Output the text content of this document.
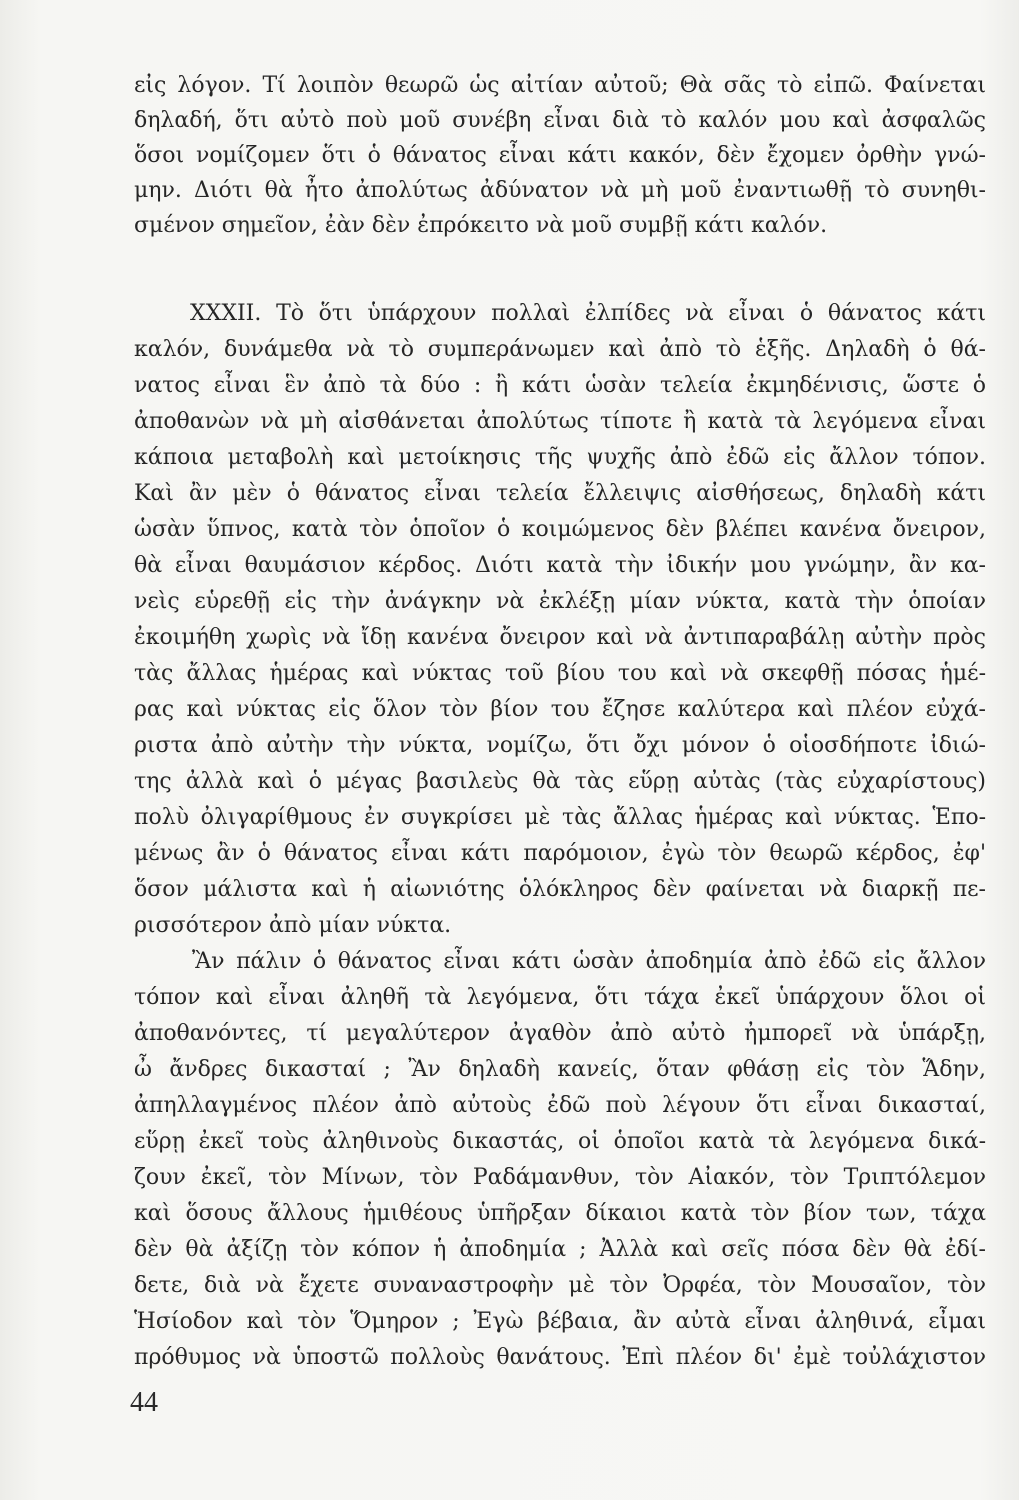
εἰς λόγον. Τί λοιπὸν θεωρῶ ὡς αἰτίαν αὐτοῦ; Θὰ σᾶς τὸ εἰπῶ. Φαίνεται
δηλαδή, ὅτι αὐτὸ ποὺ μοῦ συνέβη εἶναι διὰ τὸ καλόν μου καὶ ἀσφαλῶς
ὅσοι νομίζομεν ὅτι ὁ θάνατος εἶναι κάτι κακόν, δὲν ἔχομεν ὀρθὴν γνώ-
μην. Διότι θὰ ἦτο ἀπολύτως ἀδύνατον νὰ μὴ μοῦ ἐναντιωθῇ τὸ συνηθι-
σμένον σημεῖον, ἐὰν δὲν ἐπρόκειτο νὰ μοῦ συμβῇ κάτι καλόν.
XXXII. Τὸ ὅτι ὑπάρχουν πολλαὶ ἐλπίδες νὰ εἶναι ὁ θάνατος κάτι
καλόν, δυνάμεθα νὰ τὸ συμπεράνωμεν καὶ ἀπὸ τὸ ἑξῆς. Δηλαδὴ ὁ θά-
νατος εἶναι ἓν ἀπὸ τὰ δύο : ἢ κάτι ὡσὰν τελεία ἐκμηδένισις, ὥστε ὁ
ἀποθανὼν νὰ μὴ αἰσθάνεται ἀπολύτως τίποτε ἢ κατὰ τὰ λεγόμενα εἶναι
κάποια μεταβολὴ καὶ μετοίκησις τῆς ψυχῆς ἀπὸ ἐδῶ εἰς ἄλλον τόπον.
Καὶ ἂν μὲν ὁ θάνατος εἶναι τελεία ἔλλειψις αἰσθήσεως, δηλαδὴ κάτι
ὡσὰν ὕπνος, κατὰ τὸν ὁποῖον ὁ κοιμώμενος δὲν βλέπει κανένα ὄνειρον,
θὰ εἶναι θαυμάσιον κέρδος. Διότι κατὰ τὴν ἰδικήν μου γνώμην, ἂν κα-
νεὶς εὑρεθῇ εἰς τὴν ἀνάγκην νὰ ἐκλέξῃ μίαν νύκτα, κατὰ τὴν ὁποίαν
ἐκοιμήθη χωρὶς νὰ ἴδῃ κανένα ὄνειρον καὶ νὰ ἀντιπαραβάλῃ αὐτὴν πρὸς
τὰς ἄλλας ἡμέρας καὶ νύκτας τοῦ βίου του καὶ νὰ σκεφθῇ πόσας ἡμέ-
ρας καὶ νύκτας εἰς ὅλον τὸν βίον του ἔζησε καλύτερα καὶ πλέον εὐχά-
ριστα ἀπὸ αὐτὴν τὴν νύκτα, νομίζω, ὅτι ὄχι μόνον ὁ οἱοσδήποτε ἰδιώ-
της ἀλλὰ καὶ ὁ μέγας βασιλεὺς θὰ τὰς εὕρῃ αὐτὰς (τὰς εὐχαρίστους)
πολὺ ὀλιγαρίθμους ἐν συγκρίσει μὲ τὰς ἄλλας ἡμέρας καὶ νύκτας. Ἑπο-
μένως ἂν ὁ θάνατος εἶναι κάτι παρόμοιον, ἐγὼ τὸν θεωρῶ κέρδος, ἐφ'
ὅσον μάλιστα καὶ ἡ αἰωνιότης ὁλόκληρος δὲν φαίνεται νὰ διαρκῇ πε-
ρισσότερον ἀπὸ μίαν νύκτα.
Ἂν πάλιν ὁ θάνατος εἶναι κάτι ὡσὰν ἀποδημία ἀπὸ ἐδῶ εἰς ἄλλον
τόπον καὶ εἶναι ἀληθῆ τὰ λεγόμενα, ὅτι τάχα ἐκεῖ ὑπάρχουν ὅλοι οἱ
ἀποθανόντες, τί μεγαλύτερον ἀγαθὸν ἀπὸ αὐτὸ ἠμπορεῖ νὰ ὑπάρξῃ,
ὦ ἄνδρες δικασταί ; Ἂν δηλαδὴ κανείς, ὅταν φθάσῃ εἰς τὸν Ἅδην,
ἀπηλλαγμένος πλέον ἀπὸ αὐτοὺς ἐδῶ ποὺ λέγουν ὅτι εἶναι δικασταί,
εὕρῃ ἐκεῖ τοὺς ἀληθινοὺς δικαστάς, οἱ ὁποῖοι κατὰ τὰ λεγόμενα δικά-
ζουν ἐκεῖ, τὸν Μίνων, τὸν Ραδάμανθυν, τὸν Αἰακόν, τὸν Τριπτόλεμον
καὶ ὅσους ἄλλους ἡμιθέους ὑπῆρξαν δίκαιοι κατὰ τὸν βίον των, τάχα
δὲν θὰ ἀξίζῃ τὸν κόπον ἡ ἀποδημία ; Ἀλλὰ καὶ σεῖς πόσα δὲν θὰ ἐδί-
δετε, διὰ νὰ ἔχετε συναναστροφὴν μὲ τὸν Ὀρφέα, τὸν Μουσαῖον, τὸν
Ἡσίοδον καὶ τὸν Ὅμηρον ; Ἐγὼ βέβαια, ἂν αὐτὰ εἶναι ἀληθινά, εἶμαι
πρόθυμος νὰ ὑποστῶ πολλοὺς θανάτους. Ἐπὶ πλέον δι' ἐμὲ τοὐλάχιστον
44
